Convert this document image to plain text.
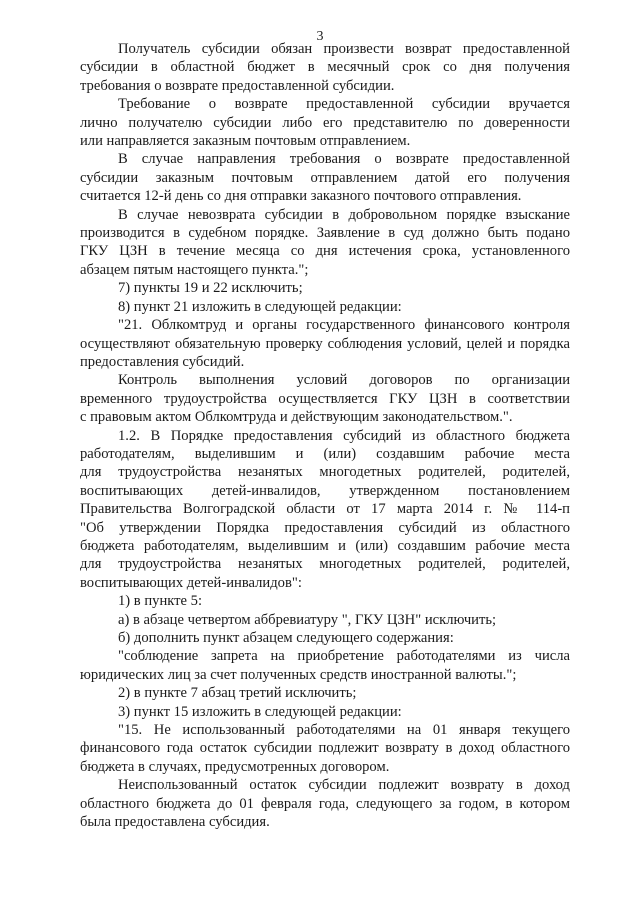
3
Получатель субсидии обязан произвести возврат предоставленной
субсидии в областной бюджет в месячный срок со дня получения
требования о возврате предоставленной субсидии.
Требование о возврате предоставленной субсидии вручается
лично получателю субсидии либо его представителю по доверенности
или направляется заказным почтовым отправлением.
В случае направления требования о возврате предоставленной
субсидии заказным почтовым отправлением датой его получения
считается 12-й день со дня отправки заказного почтового отправления.
В случае невозврата субсидии в добровольном порядке взыскание
производится в судебном порядке. Заявление в суд должно быть подано
ГКУ ЦЗН в течение месяца со дня истечения срока, установленного
абзацем пятым настоящего пункта.";
7) пункты 19 и 22 исключить;
8) пункт 21 изложить в следующей редакции:
"21. Облкомтруд и органы государственного финансового контроля
осуществляют обязательную проверку соблюдения условий, целей и порядка
предоставления субсидий.
Контроль выполнения условий договоров по организации
временного трудоустройства осуществляется ГКУ ЦЗН в соответствии
с правовым актом Облкомтруда и действующим законодательством.".
1.2. В Порядке предоставления субсидий из областного бюджета
работодателям, выделившим и (или) создавшим рабочие места
для трудоустройства незанятых многодетных родителей, родителей,
воспитывающих детей-инвалидов, утвержденном постановлением
Правительства Волгоградской области от 17 марта 2014 г. № 114-п
"Об утверждении Порядка предоставления субсидий из областного
бюджета работодателям, выделившим и (или) создавшим рабочие места
для трудоустройства незанятых многодетных родителей, родителей,
воспитывающих детей-инвалидов":
1) в пункте 5:
а) в абзаце четвертом аббревиатуру ", ГКУ ЦЗН" исключить;
б) дополнить пункт абзацем следующего содержания:
"соблюдение запрета на приобретение работодателями из числа
юридических лиц за счет полученных средств иностранной валюты.";
2) в пункте 7 абзац третий исключить;
3) пункт 15 изложить в следующей редакции:
"15. Не использованный работодателями на 01 января текущего
финансового года остаток субсидии подлежит возврату в доход областного
бюджета в случаях, предусмотренных договором.
Неиспользованный остаток субсидии подлежит возврату в доход
областного бюджета до 01 февраля года, следующего за годом, в котором
была предоставлена субсидия.
